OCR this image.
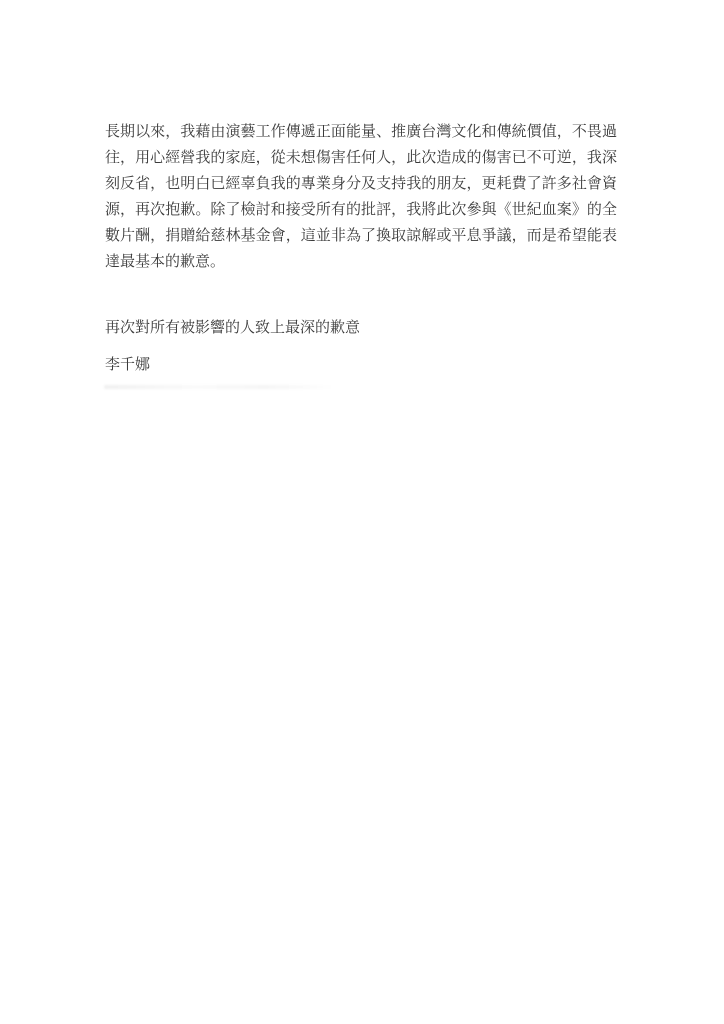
長期以來，我藉由演藝工作傳遞正面能量、推廣台灣文化和傳統價值，不畏過往，用心經營我的家庭，從未想傷害任何人，此次造成的傷害已不可逆，我深刻反省，也明白已經辜負我的專業身分及支持我的朋友，更耗費了許多社會資源，再次抱歉。除了檢討和接受所有的批評，我將此次參與《世紀血案》的全數片酬，捐贈給慈林基金會，這並非為了換取諒解或平息爭議，而是希望能表達最基本的歉意。

再次對所有被影響的人致上最深的歉意

李千娜
